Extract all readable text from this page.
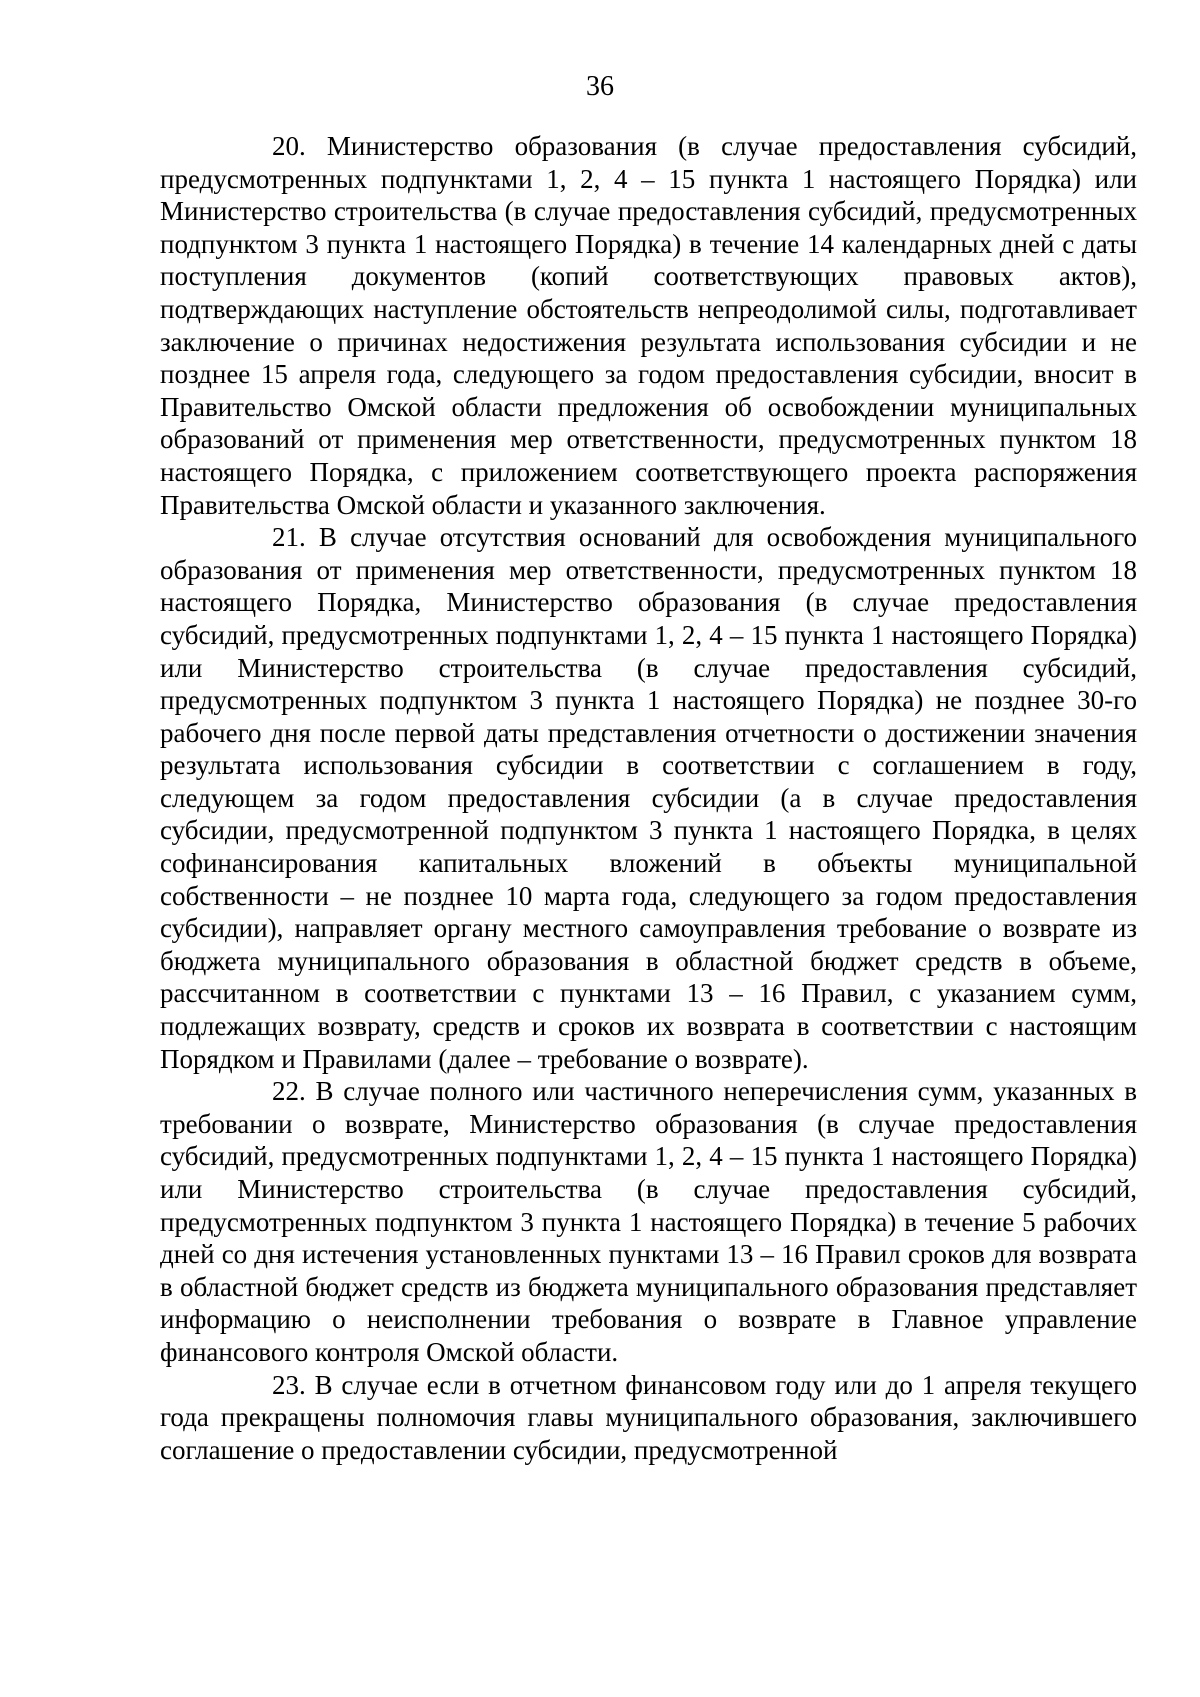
36

20. Министерство образования (в случае предоставления субсидий, предусмотренных подпунктами 1, 2, 4 – 15 пункта 1 настоящего Порядка) или Министерство строительства (в случае предоставления субсидий, предусмотренных подпунктом 3 пункта 1 настоящего Порядка) в течение 14 календарных дней с даты поступления документов (копий соответствующих правовых актов), подтверждающих наступление обстоятельств непреодолимой силы, подготавливает заключение о причинах недостижения результата использования субсидии и не позднее 15 апреля года, следующего за годом предоставления субсидии, вносит в Правительство Омской области предложения об освобождении муниципальных образований от применения мер ответственности, предусмотренных пунктом 18 настоящего Порядка, с приложением соответствующего проекта распоряжения Правительства Омской области и указанного заключения.

21. В случае отсутствия оснований для освобождения муниципального образования от применения мер ответственности, предусмотренных пунктом 18 настоящего Порядка, Министерство образования (в случае предоставления субсидий, предусмотренных подпунктами 1, 2, 4 – 15 пункта 1 настоящего Порядка) или Министерство строительства (в случае предоставления субсидий, предусмотренных подпунктом 3 пункта 1 настоящего Порядка) не позднее 30-го рабочего дня после первой даты представления отчетности о достижении значения результата использования субсидии в соответствии с соглашением в году, следующем за годом предоставления субсидии (а в случае предоставления субсидии, предусмотренной подпунктом 3 пункта 1 настоящего Порядка, в целях софинансирования капитальных вложений в объекты муниципальной собственности – не позднее 10 марта года, следующего за годом предоставления субсидии), направляет органу местного самоуправления требование о возврате из бюджета муниципального образования в областной бюджет средств в объеме, рассчитанном в соответствии с пунктами 13 – 16 Правил, с указанием сумм, подлежащих возврату, средств и сроков их возврата в соответствии с настоящим Порядком и Правилами (далее – требование о возврате).

22. В случае полного или частичного неперечисления сумм, указанных в требовании о возврате, Министерство образования (в случае предоставления субсидий, предусмотренных подпунктами 1, 2, 4 – 15 пункта 1 настоящего Порядка) или Министерство строительства (в случае предоставления субсидий, предусмотренных подпунктом 3 пункта 1 настоящего Порядка) в течение 5 рабочих дней со дня истечения установленных пунктами 13 – 16 Правил сроков для возврата в областной бюджет средств из бюджета муниципального образования представляет информацию о неисполнении требования о возврате в Главное управление финансового контроля Омской области.

23. В случае если в отчетном финансовом году или до 1 апреля текущего года прекращены полномочия главы муниципального образования, заключившего соглашение о предоставлении субсидии, предусмотренной
